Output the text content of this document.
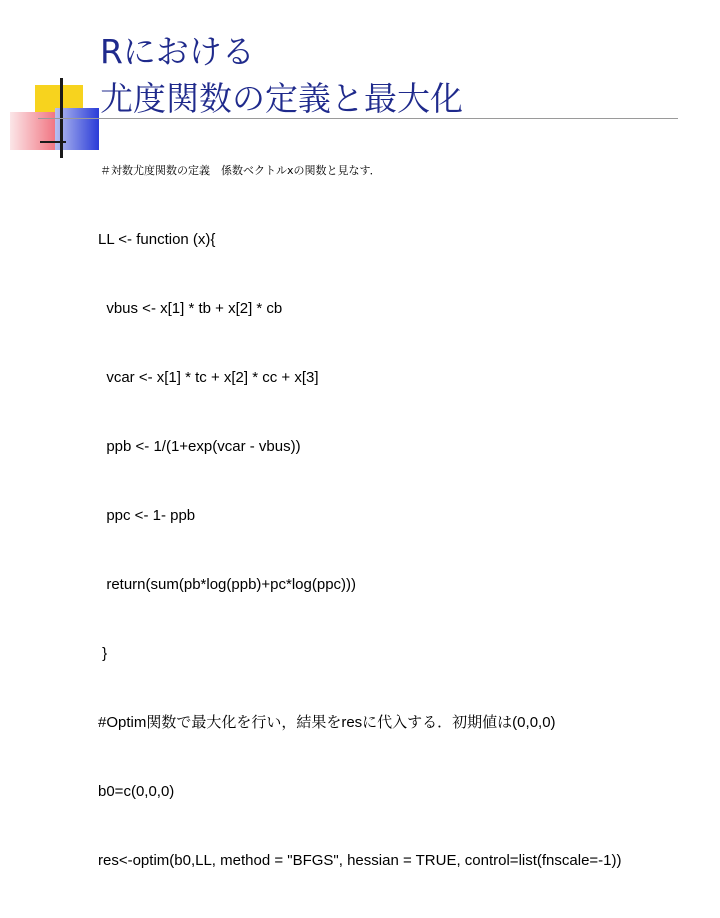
Rにおける
尤度関数の定義と最大化
＃対数尤度関数の定義　係数ベクトルxの関数と見なす．

LL <- function (x){

vbus <- x[1] * tb + x[2] * cb

vcar <- x[1] * tc + x[2] * cc + x[3]

ppb <- 1/(1+exp(vcar - vbus))

ppc <- 1- ppb

return(sum(pb*log(ppb)+pc*log(ppc)))

}

#Optim関数で最大化を行い，結果をresに代入する．初期値は(0,0,0)

b0=c(0,0,0)

res<-optim(b0,LL, method = "BFGS", hessian = TRUE, control=list(fnscale=-1))
